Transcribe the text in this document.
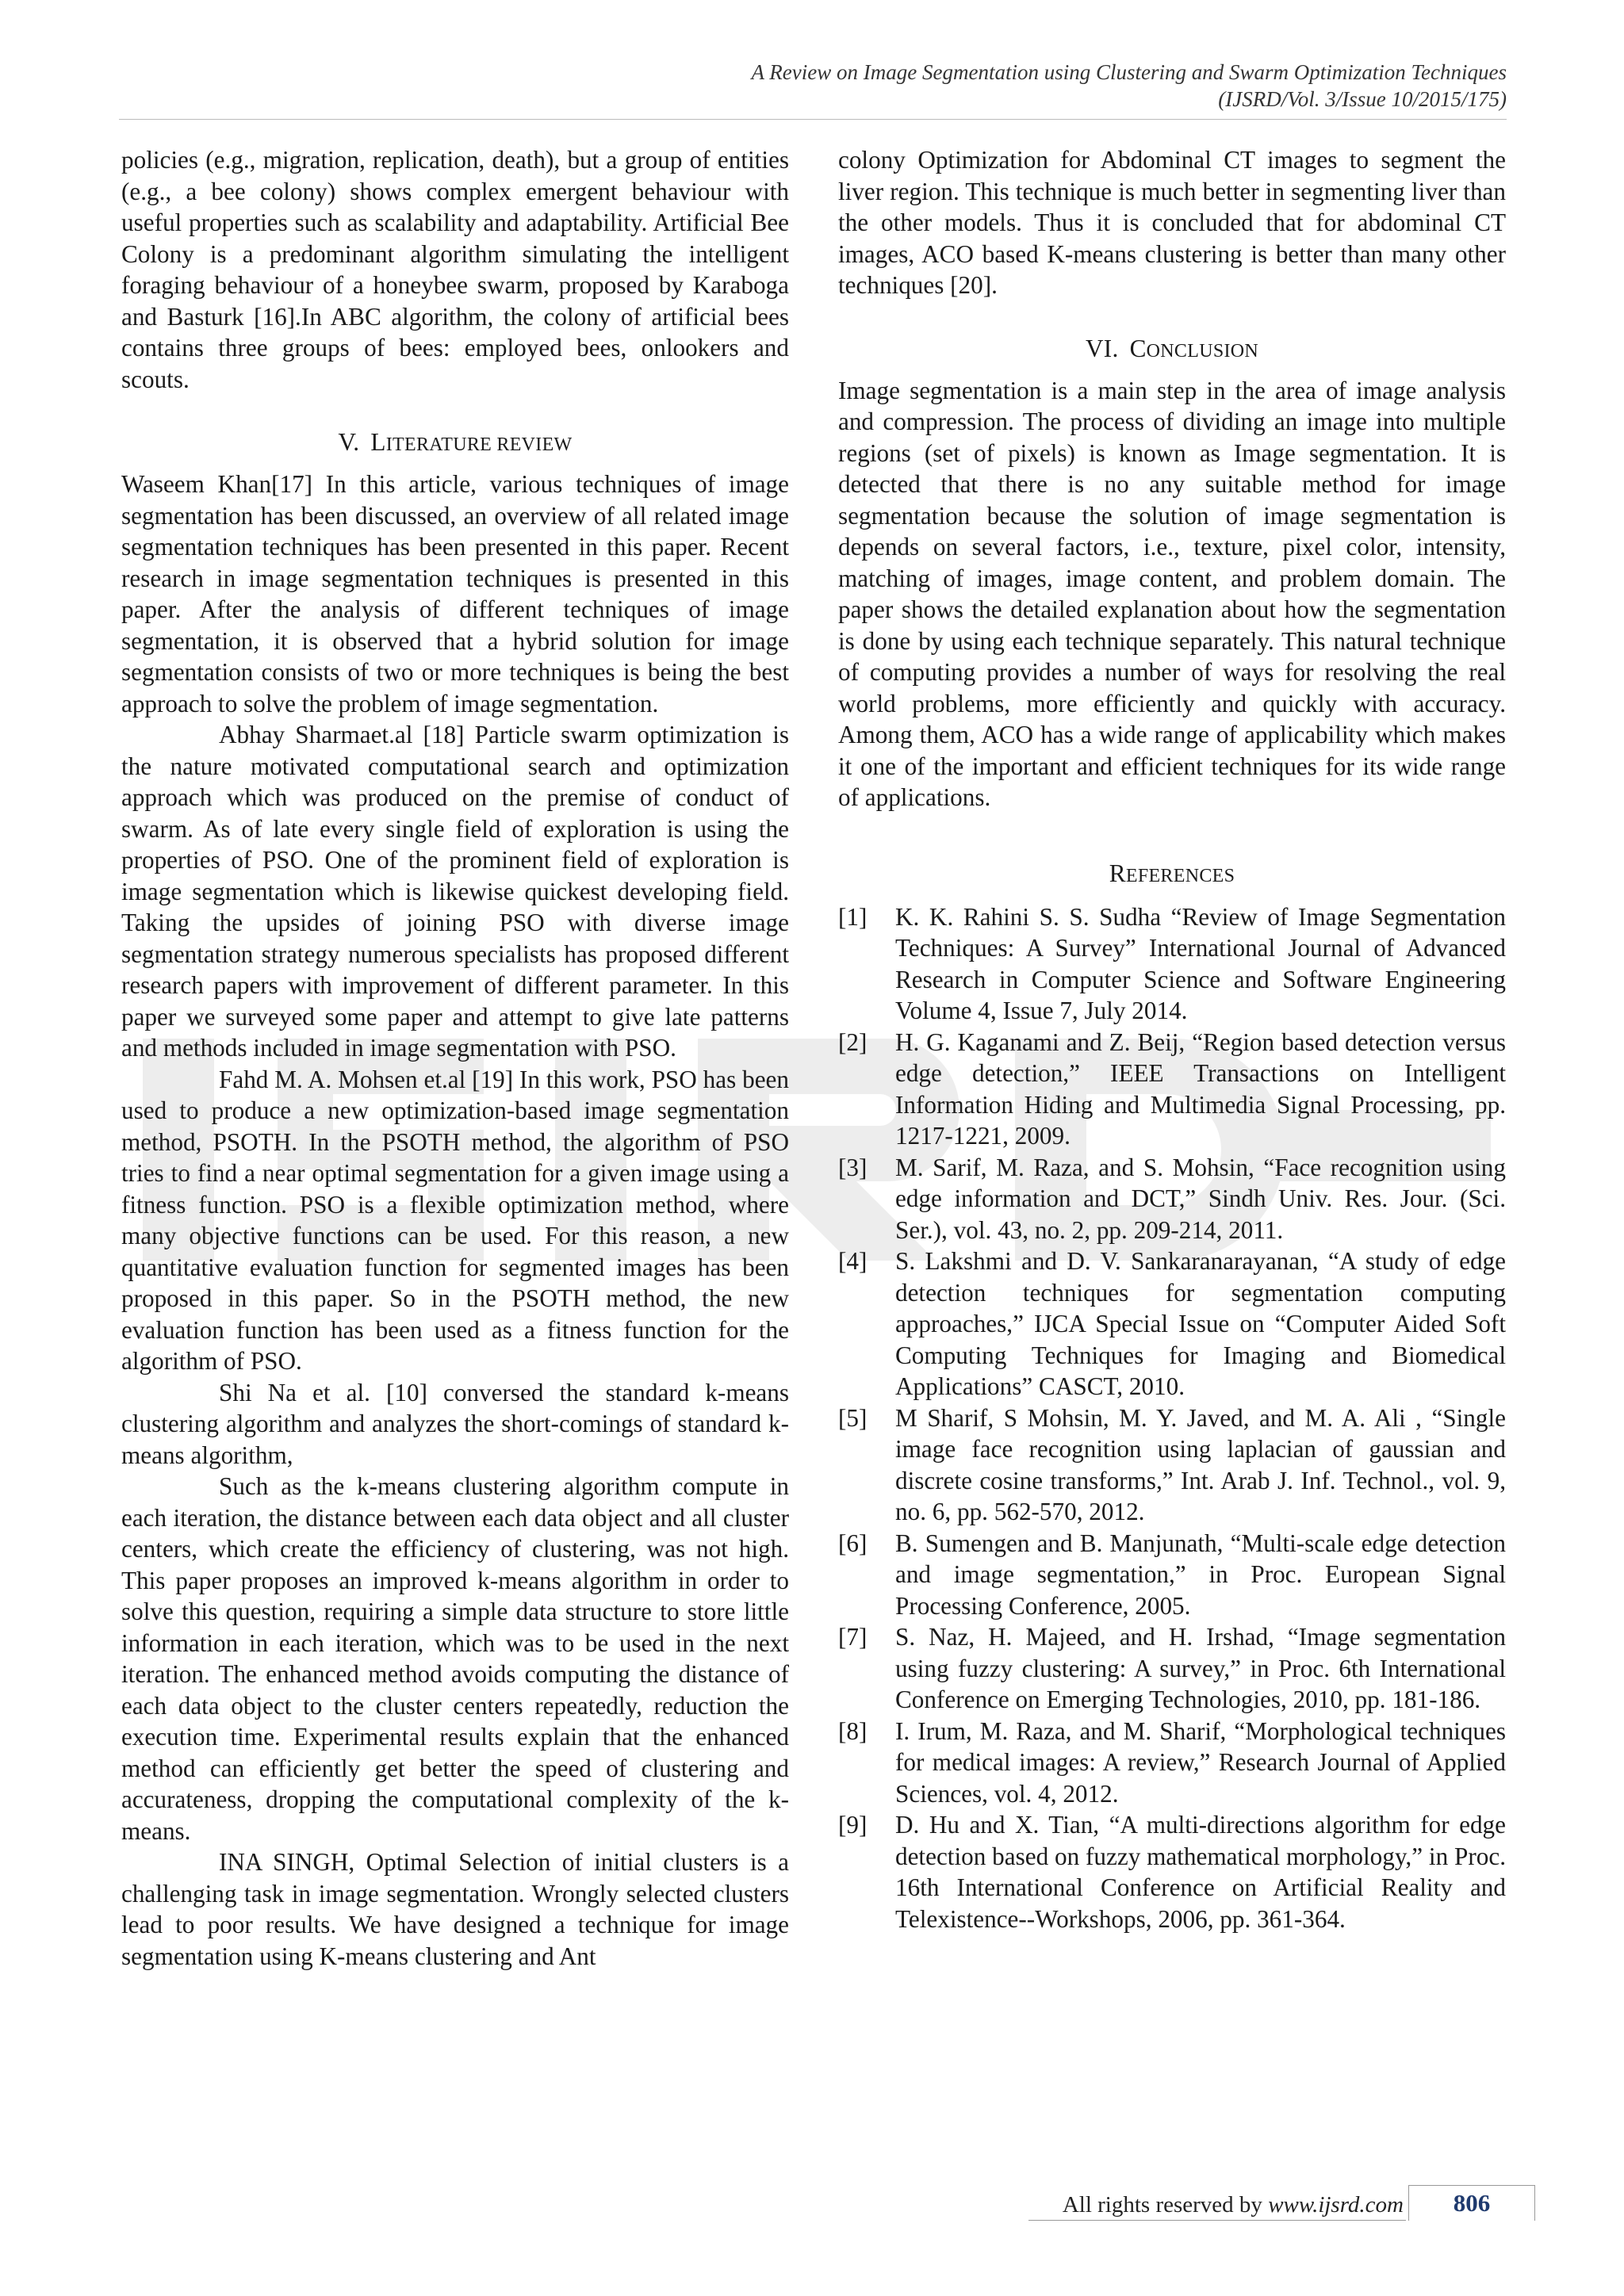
A Review on Image Segmentation using Clustering and Swarm Optimization Techniques
(IJSRD/Vol. 3/Issue 10/2015/175)

policies (e.g., migration, replication, death), but a group of entities (e.g., a bee colony) shows complex emergent behaviour with useful properties such as scalability and adaptability. Artificial Bee Colony is a predominant algorithm simulating the intelligent foraging behaviour of a honeybee swarm, proposed by Karaboga and Basturk [16].In ABC algorithm, the colony of artificial bees contains three groups of bees: employed bees, onlookers and scouts.

V. LITERATURE REVIEW

Waseem Khan[17] In this article, various techniques of image segmentation has been discussed, an overview of all related image segmentation techniques has been presented in this paper. Recent research in image segmentation techniques is presented in this paper. After the analysis of different techniques of image segmentation, it is observed that a hybrid solution for image segmentation consists of two or more techniques is being the best approach to solve the problem of image segmentation.

Abhay Sharmaet.al [18] Particle swarm optimization is the nature motivated computational search and optimization approach which was produced on the premise of conduct of swarm. As of late every single field of exploration is using the properties of PSO. One of the prominent field of exploration is image segmentation which is likewise quickest developing field. Taking the upsides of joining PSO with diverse image segmentation strategy numerous specialists has proposed different research papers with improvement of different parameter. In this paper we surveyed some paper and attempt to give late patterns and methods included in image segmentation with PSO.

Fahd M. A. Mohsen et.al [19] In this work, PSO has been used to produce a new optimization-based image segmentation method, PSOTH. In the PSOTH method, the algorithm of PSO tries to find a near optimal segmentation for a given image using a fitness function. PSO is a flexible optimization method, where many objective functions can be used. For this reason, a new quantitative evaluation function for segmented images has been proposed in this paper. So in the PSOTH method, the new evaluation function has been used as a fitness function for the algorithm of PSO.

Shi Na et al. [10] conversed the standard k-means clustering algorithm and analyzes the short-comings of standard k-means algorithm,

Such as the k-means clustering algorithm compute in each iteration, the distance between each data object and all cluster centers, which create the efficiency of clustering, was not high. This paper proposes an improved k-means algorithm in order to solve this question, requiring a simple data structure to store little information in each iteration, which was to be used in the next iteration. The enhanced method avoids computing the distance of each data object to the cluster centers repeatedly, reduction the execution time. Experimental results explain that the enhanced method can efficiently get better the speed of clustering and accurateness, dropping the computational complexity of the k-means.

INA SINGH, Optimal Selection of initial clusters is a challenging task in image segmentation. Wrongly selected clusters lead to poor results. We have designed a technique for image segmentation using K-means clustering and Ant

colony Optimization for Abdominal CT images to segment the liver region. This technique is much better in segmenting liver than the other models. Thus it is concluded that for abdominal CT images, ACO based K-means clustering is better than many other techniques [20].

VI. CONCLUSION

Image segmentation is a main step in the area of image analysis and compression. The process of dividing an image into multiple regions (set of pixels) is known as Image segmentation. It is detected that there is no any suitable method for image segmentation because the solution of image segmentation is depends on several factors, i.e., texture, pixel color, intensity, matching of images, image content, and problem domain. The paper shows the detailed explanation about how the segmentation is done by using each technique separately. This natural technique of computing provides a number of ways for resolving the real world problems, more efficiently and quickly with accuracy. Among them, ACO has a wide range of applicability which makes it one of the important and efficient techniques for its wide range of applications.

REFERENCES
[1]	K. K. Rahini S. S. Sudha “Review of Image Segmentation Techniques: A Survey” International Journal of Advanced Research in Computer Science and Software Engineering Volume 4, Issue 7, July 2014.
[2]	H. G. Kaganami and Z. Beij, “Region based detection versus edge detection,” IEEE Transactions on Intelligent Information Hiding and Multimedia Signal Processing, pp. 1217-1221, 2009.
[3]	M. Sarif, M. Raza, and S. Mohsin, “Face recognition using edge information and DCT,” Sindh Univ. Res. Jour. (Sci. Ser.), vol. 43, no. 2, pp. 209-214, 2011.
[4]	S. Lakshmi and D. V. Sankaranarayanan, “A study of edge detection techniques for segmentation computing approaches,” IJCA Special Issue on “Computer Aided Soft Computing Techniques for Imaging and Biomedical Applications” CASCT, 2010.
[5]	M Sharif, S Mohsin, M. Y. Javed, and M. A. Ali , “Single image face recognition using laplacian of gaussian and discrete cosine transforms,” Int. Arab J. Inf. Technol., vol. 9, no. 6, pp. 562-570, 2012.
[6]	B. Sumengen and B. Manjunath, “Multi-scale edge detection and image segmentation,” in Proc. European Signal Processing Conference, 2005.
[7]	S. Naz, H. Majeed, and H. Irshad, “Image segmentation using fuzzy clustering: A survey,” in Proc. 6th International Conference on Emerging Technologies, 2010, pp. 181-186.
[8]	I. Irum, M. Raza, and M. Sharif, “Morphological techniques for medical images: A review,” Research Journal of Applied Sciences, vol. 4, 2012.
[9]	D. Hu and X. Tian, “A multi-directions algorithm for edge detection based on fuzzy mathematical morphology,” in Proc. 16th International Conference on Artificial Reality and Telexistence--Workshops, 2006, pp. 361-364.
All rights reserved by www.ijsrd.com	806
